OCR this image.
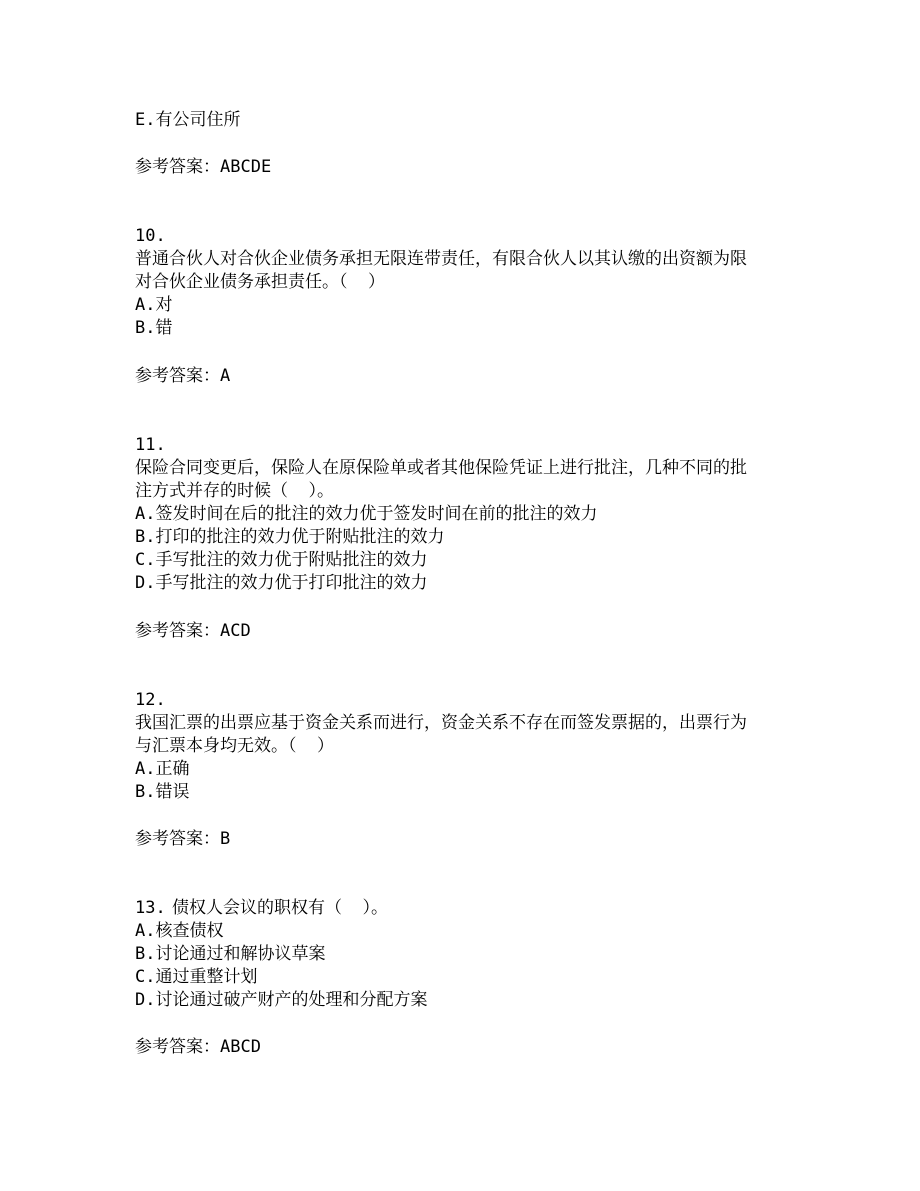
E.有公司住所
参考答案：ABCDE
10.
普通合伙人对合伙企业债务承担无限连带责任，有限合伙人以其认缴的出资额为限
对合伙企业债务承担责任。（  ）
A.对
B.错
参考答案：A
11.
保险合同变更后，保险人在原保险单或者其他保险凭证上进行批注，几种不同的批
注方式并存的时候（  ）。
A.签发时间在后的批注的效力优于签发时间在前的批注的效力
B.打印的批注的效力优于附贴批注的效力
C.手写批注的效力优于附贴批注的效力
D.手写批注的效力优于打印批注的效力
参考答案：ACD
12.
我国汇票的出票应基于资金关系而进行，资金关系不存在而签发票据的，出票行为
与汇票本身均无效。（  ）
A.正确
B.错误
参考答案：B
13. 债权人会议的职权有（  ）。
A.核查债权
B.讨论通过和解协议草案
C.通过重整计划
D.讨论通过破产财产的处理和分配方案
参考答案：ABCD
